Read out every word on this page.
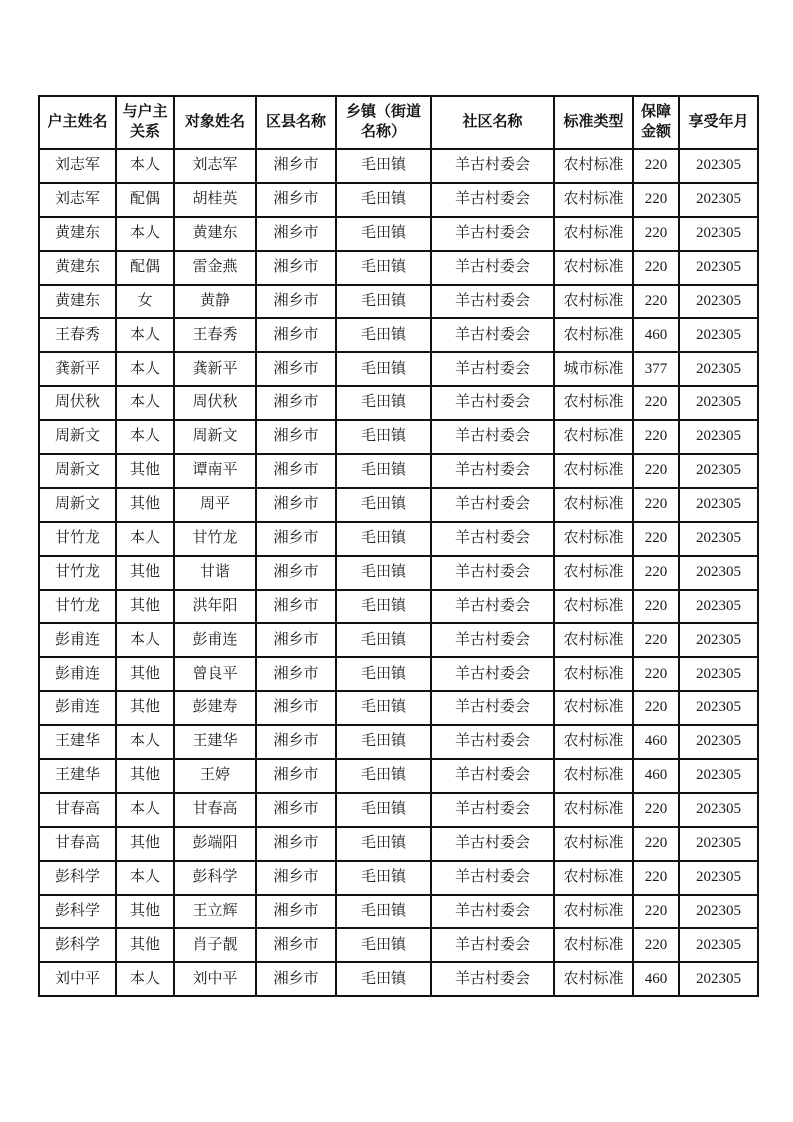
户主姓名	与户主关系	对象姓名	区县名称	乡镇（街道名称）	社区名称	标准类型	保障金额	享受年月
刘志军	本人	刘志军	湘乡市	毛田镇	羊古村委会	农村标准	220	202305
刘志军	配偶	胡桂英	湘乡市	毛田镇	羊古村委会	农村标准	220	202305
黄建东	本人	黄建东	湘乡市	毛田镇	羊古村委会	农村标准	220	202305
黄建东	配偶	雷金燕	湘乡市	毛田镇	羊古村委会	农村标准	220	202305
黄建东	女	黄静	湘乡市	毛田镇	羊古村委会	农村标准	220	202305
王春秀	本人	王春秀	湘乡市	毛田镇	羊古村委会	农村标准	460	202305
龚新平	本人	龚新平	湘乡市	毛田镇	羊古村委会	城市标准	377	202305
周伏秋	本人	周伏秋	湘乡市	毛田镇	羊古村委会	农村标准	220	202305
周新文	本人	周新文	湘乡市	毛田镇	羊古村委会	农村标准	220	202305
周新文	其他	谭南平	湘乡市	毛田镇	羊古村委会	农村标准	220	202305
周新文	其他	周平	湘乡市	毛田镇	羊古村委会	农村标准	220	202305
甘竹龙	本人	甘竹龙	湘乡市	毛田镇	羊古村委会	农村标准	220	202305
甘竹龙	其他	甘谐	湘乡市	毛田镇	羊古村委会	农村标准	220	202305
甘竹龙	其他	洪年阳	湘乡市	毛田镇	羊古村委会	农村标准	220	202305
彭甫连	本人	彭甫连	湘乡市	毛田镇	羊古村委会	农村标准	220	202305
彭甫连	其他	曾良平	湘乡市	毛田镇	羊古村委会	农村标准	220	202305
彭甫连	其他	彭建寿	湘乡市	毛田镇	羊古村委会	农村标准	220	202305
王建华	本人	王建华	湘乡市	毛田镇	羊古村委会	农村标准	460	202305
王建华	其他	王婷	湘乡市	毛田镇	羊古村委会	农村标准	460	202305
甘春高	本人	甘春高	湘乡市	毛田镇	羊古村委会	农村标准	220	202305
甘春高	其他	彭端阳	湘乡市	毛田镇	羊古村委会	农村标准	220	202305
彭科学	本人	彭科学	湘乡市	毛田镇	羊古村委会	农村标准	220	202305
彭科学	其他	王立辉	湘乡市	毛田镇	羊古村委会	农村标准	220	202305
彭科学	其他	肖子靓	湘乡市	毛田镇	羊古村委会	农村标准	220	202305
刘中平	本人	刘中平	湘乡市	毛田镇	羊古村委会	农村标准	460	202305
